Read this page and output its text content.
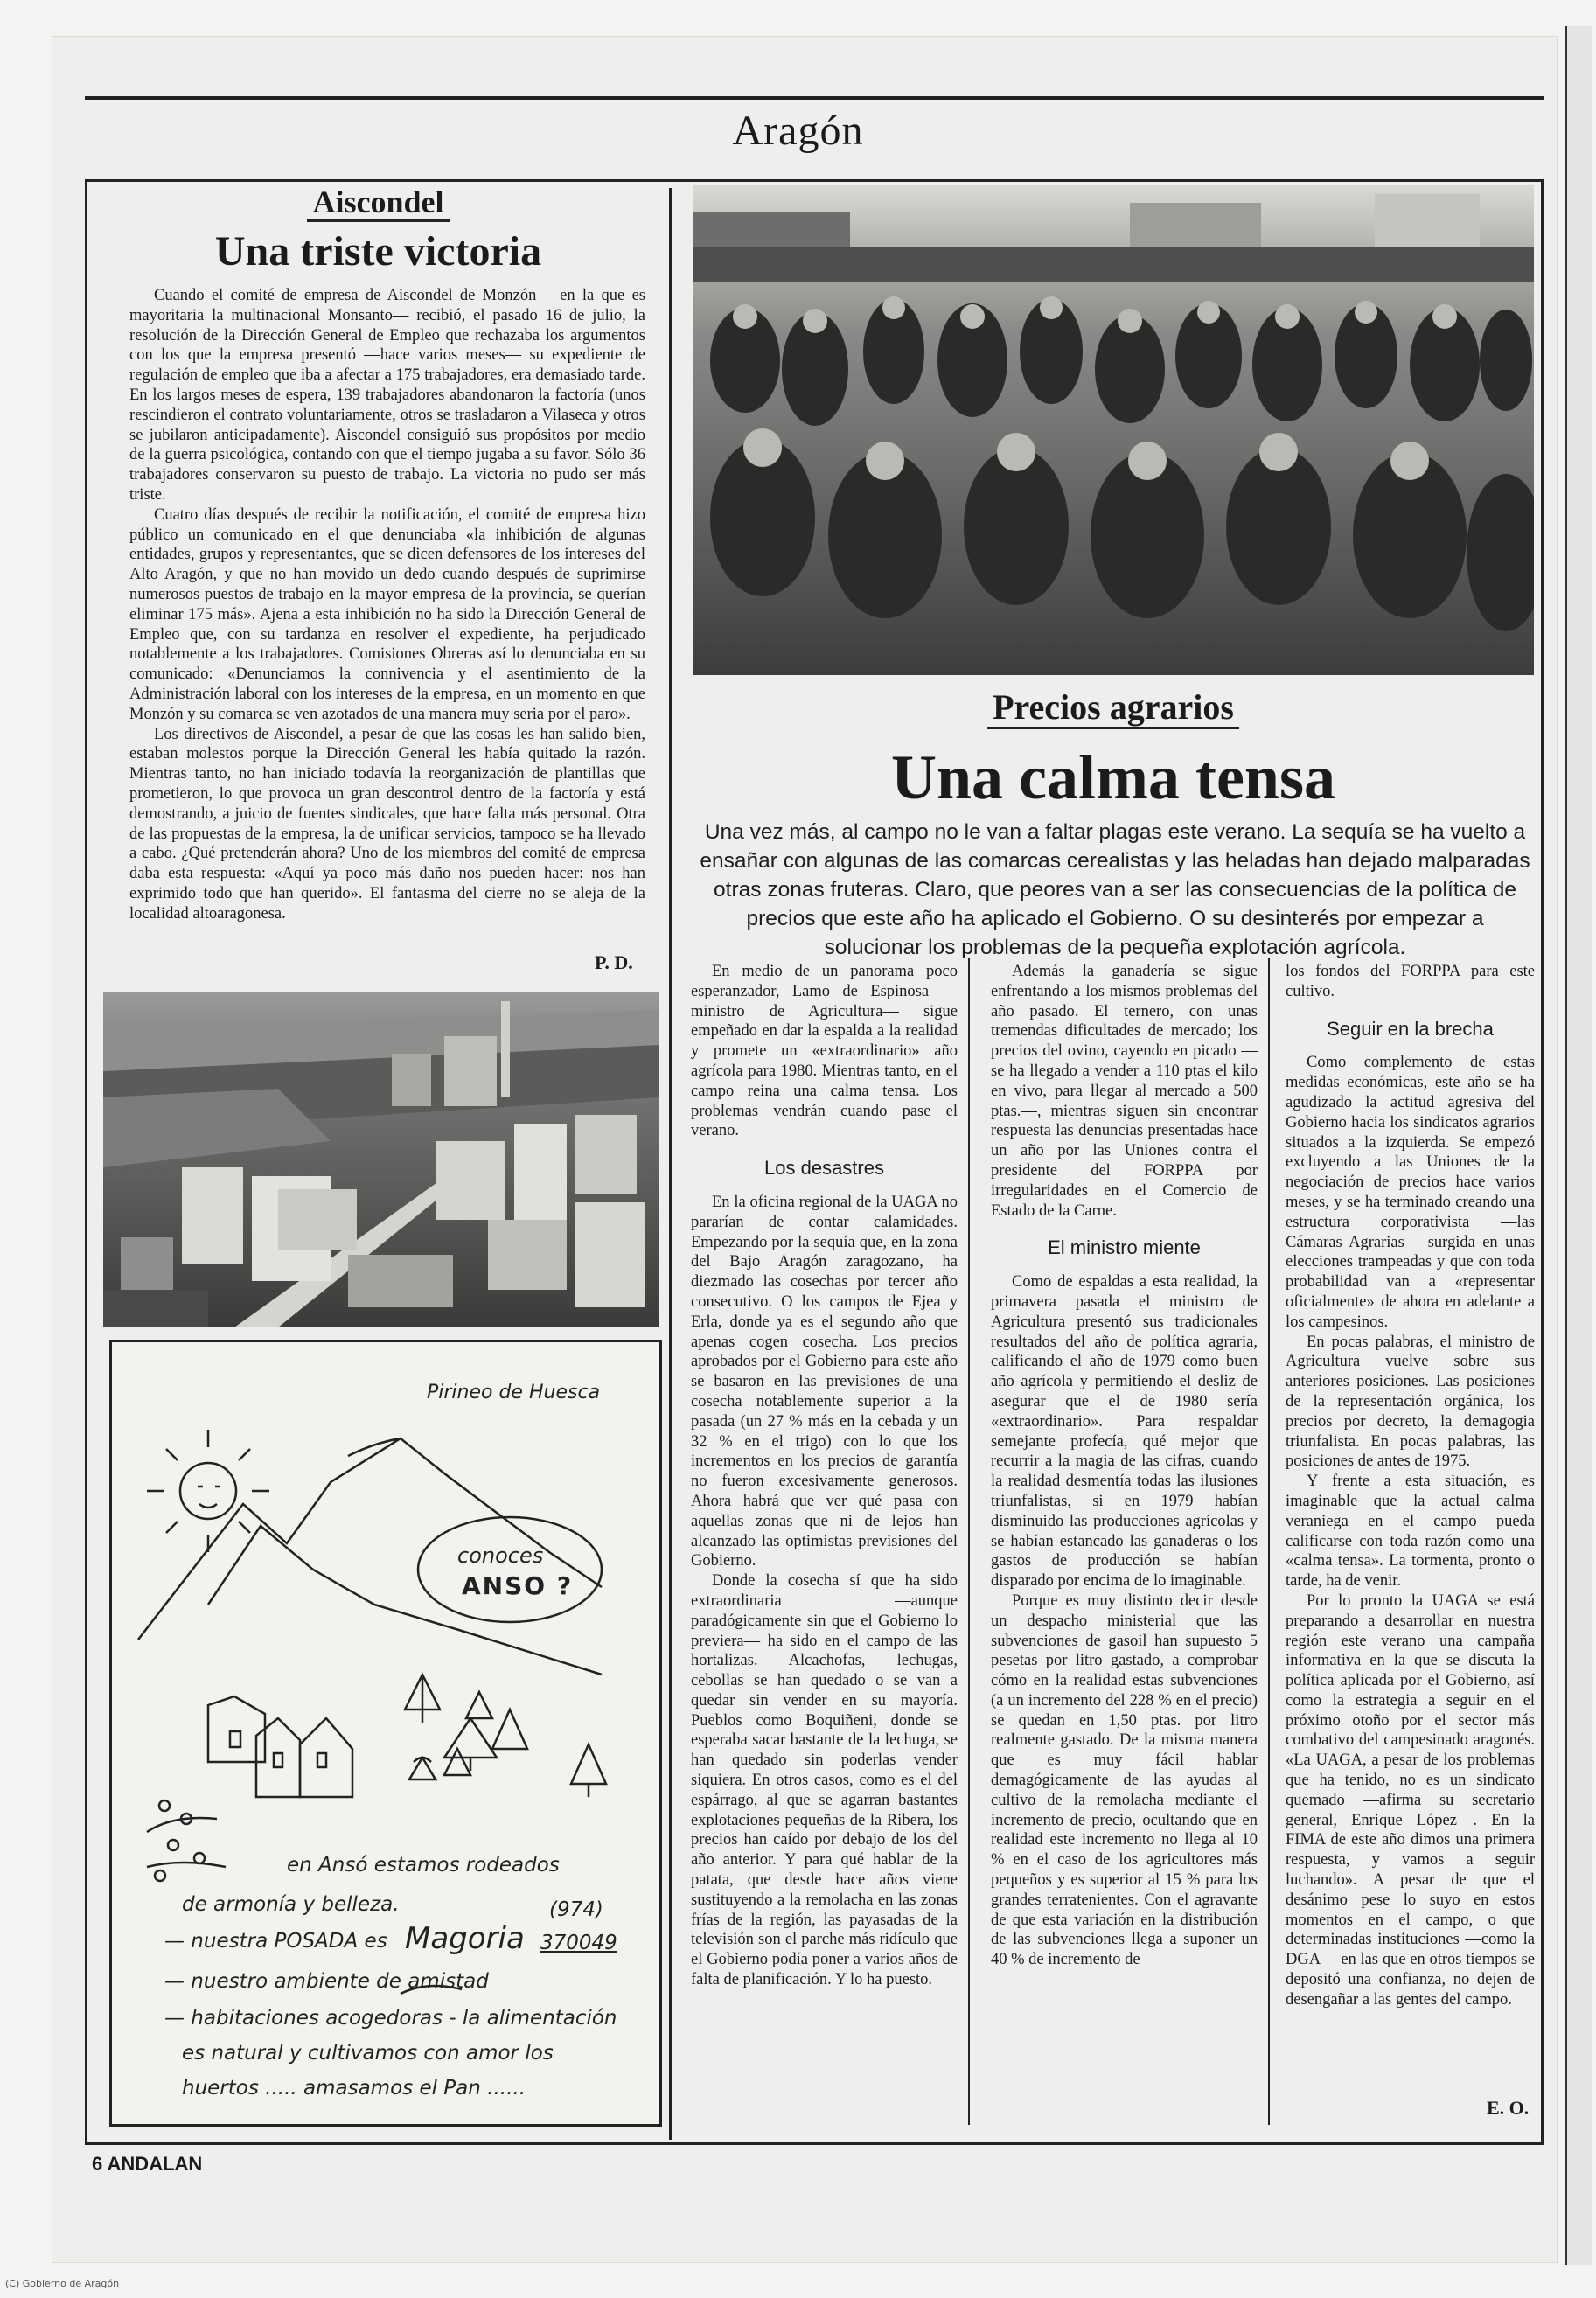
Aragón
Aiscondel
Una triste victoria

Cuando el comité de empresa de Aiscondel de Monzón —en la que es mayoritaria la multinacional Monsanto— recibió, el pasado 16 de julio, la resolución de la Dirección General de Empleo que rechazaba los argumentos con los que la empresa presentó —hace varios meses— su expediente de regulación de empleo que iba a afectar a 175 trabajadores, era demasiado tarde. En los largos meses de espera, 139 trabajadores abandonaron la factoría (unos rescindieron el contrato voluntariamente, otros se trasladaron a Vilaseca y otros se jubilaron anticipadamente). Aiscondel consiguió sus propósitos por medio de la guerra psicológica, contando con que el tiempo jugaba a su favor. Sólo 36 trabajadores conservaron su puesto de trabajo. La victoria no pudo ser más triste.

Cuatro días después de recibir la notificación, el comité de empresa hizo público un comunicado en el que denunciaba «la inhibición de algunas entidades, grupos y representantes, que se dicen defensores de los intereses del Alto Aragón, y que no han movido un dedo cuando después de suprimirse numerosos puestos de trabajo en la mayor empresa de la provincia, se querían eliminar 175 más». Ajena a esta inhibición no ha sido la Dirección General de Empleo que, con su tardanza en resolver el expediente, ha perjudicado notablemente a los trabajadores. Comisiones Obreras así lo denunciaba en su comunicado: «Denunciamos la connivencia y el asentimiento de la Administración laboral con los intereses de la empresa, en un momento en que Monzón y su comarca se ven azotados de una manera muy seria por el paro».

Los directivos de Aiscondel, a pesar de que las cosas les han salido bien, estaban molestos porque la Dirección General les había quitado la razón. Mientras tanto, no han iniciado todavía la reorganización de plantillas que prometieron, lo que provoca un gran descontrol dentro de la factoría y está demostrando, a juicio de fuentes sindicales, que hace falta más personal. Otra de las propuestas de la empresa, la de unificar servicios, tampoco se ha llevado a cabo. ¿Qué pretenderán ahora? Uno de los miembros del comité de empresa daba esta respuesta: «Aquí ya poco más daño nos pueden hacer: nos han exprimido todo que han querido». El fantasma del cierre no se aleja de la localidad altoaragonesa.

P. D.
Pirineo de Huesca
conoces
ANSO ?
en Ansó estamos rodeados
de armonía y belleza.	(974)
— nuestra POSADA es Magoria 370049
— nuestro ambiente de amistad
— habitaciones acogedoras - la alimentación
es natural y cultivamos con amor los
huertos ..... amasamos el Pan ......
Precios agrarios
Una calma tensa
Una vez más, al campo no le van a faltar plagas este verano. La sequía se ha vuelto a ensañar con algunas de las comarcas cerealistas y las heladas han dejado malparadas otras zonas fruteras. Claro, que peores van a ser las consecuencias de la política de precios que este año ha aplicado el Gobierno. O su desinterés por empezar a solucionar los problemas de la pequeña explotación agrícola.

En medio de un panorama poco esperanzador, Lamo de Espinosa —ministro de Agricultura— sigue empeñado en dar la espalda a la realidad y promete un «extraordinario» año agrícola para 1980. Mientras tanto, en el campo reina una calma tensa. Los problemas vendrán cuando pase el verano.

Los desastres

En la oficina regional de la UAGA no pararían de contar calamidades. Empezando por la sequía que, en la zona del Bajo Aragón zaragozano, ha diezmado las cosechas por tercer año consecutivo. O los campos de Ejea y Erla, donde ya es el segundo año que apenas cogen cosecha. Los precios aprobados por el Gobierno para este año se basaron en las previsiones de una cosecha notablemente superior a la pasada (un 27 % más en la cebada y un 32 % en el trigo) con lo que los incrementos en los precios de garantía no fueron excesivamente generosos. Ahora habrá que ver qué pasa con aquellas zonas que ni de lejos han alcanzado las optimistas previsiones del Gobierno.

Donde la cosecha sí que ha sido extraordinaria —aunque paradógicamente sin que el Gobierno lo previera— ha sido en el campo de las hortalizas. Alcachofas, lechugas, cebollas se han quedado o se van a quedar sin vender en su mayoría. Pueblos como Boquiñeni, donde se esperaba sacar bastante de la lechuga, se han quedado sin poderlas vender siquiera. En otros casos, como es el del espárrago, al que se agarran bastantes explotaciones pequeñas de la Ribera, los precios han caído por debajo de los del año anterior. Y para qué hablar de la patata, que desde hace años viene sustituyendo a la remolacha en las zonas frías de la región, las payasadas de la televisión son el parche más ridículo que el Gobierno podía poner a varios años de falta de planificación. Y lo ha puesto.

Además la ganadería se sigue enfrentando a los mismos problemas del año pasado. El ternero, con unas tremendas dificultades de mercado; los precios del ovino, cayendo en picado —se ha llegado a vender a 110 ptas el kilo en vivo, para llegar al mercado a 500 ptas.—, mientras siguen sin encontrar respuesta las denuncias presentadas hace un año por las Uniones contra el presidente del FORPPA por irregularidades en el Comercio de Estado de la Carne.

El ministro miente

Como de espaldas a esta realidad, la primavera pasada el ministro de Agricultura presentó sus tradicionales resultados del año de política agraria, calificando el año de 1979 como buen año agrícola y permitiendo el desliz de asegurar que el de 1980 sería «extraordinario». Para respaldar semejante profecía, qué mejor que recurrir a la magia de las cifras, cuando la realidad desmentía todas las ilusiones triunfalistas, si en 1979 habían disminuido las producciones agrícolas y se habían estancado las ganaderas o los gastos de producción se habían disparado por encima de lo imaginable.

Porque es muy distinto decir desde un despacho ministerial que las subvenciones de gasoil han supuesto 5 pesetas por litro gastado, a comprobar cómo en la realidad estas subvenciones (a un incremento del 228 % en el precio) se quedan en 1,50 ptas. por litro realmente gastado. De la misma manera que es muy fácil hablar demagógicamente de las ayudas al cultivo de la remolacha mediante el incremento de precio, ocultando que en realidad este incremento no llega al 10 % en el caso de los agricultores más pequeños y es superior al 15 % para los grandes terratenientes. Con el agravante de que esta variación en la distribución de las subvenciones llega a suponer un 40 % de incremento de

los fondos del FORPPA para este cultivo.

Seguir en la brecha

Como complemento de estas medidas económicas, este año se ha agudizado la actitud agresiva del Gobierno hacia los sindicatos agrarios situados a la izquierda. Se empezó excluyendo a las Uniones de la negociación de precios hace varios meses, y se ha terminado creando una estructura corporativista —las Cámaras Agrarias— surgida en unas elecciones trampeadas y que con toda probabilidad van a «representar oficialmente» de ahora en adelante a los campesinos.

En pocas palabras, el ministro de Agricultura vuelve sobre sus anteriores posiciones. Las posiciones de la representación orgánica, los precios por decreto, la demagogia triunfalista. En pocas palabras, las posiciones de antes de 1975.

Y frente a esta situación, es imaginable que la actual calma veraniega en el campo pueda calificarse con toda razón como una «calma tensa». La tormenta, pronto o tarde, ha de venir.

Por lo pronto la UAGA se está preparando a desarrollar en nuestra región este verano una campaña informativa en la que se discuta la política aplicada por el Gobierno, así como la estrategia a seguir en el próximo otoño por el sector más combativo del campesinado aragonés. «La UAGA, a pesar de los problemas que ha tenido, no es un sindicato quemado —afirma su secretario general, Enrique López—. En la FIMA de este año dimos una primera respuesta, y vamos a seguir luchando». A pesar de que el desánimo pese lo suyo en estos momentos en el campo, o que determinadas instituciones —como la DGA— en las que en otros tiempos se depositó una confianza, no dejen de desengañar a las gentes del campo.

E. O.
6 ANDALAN
(C) Gobierno de Aragón
